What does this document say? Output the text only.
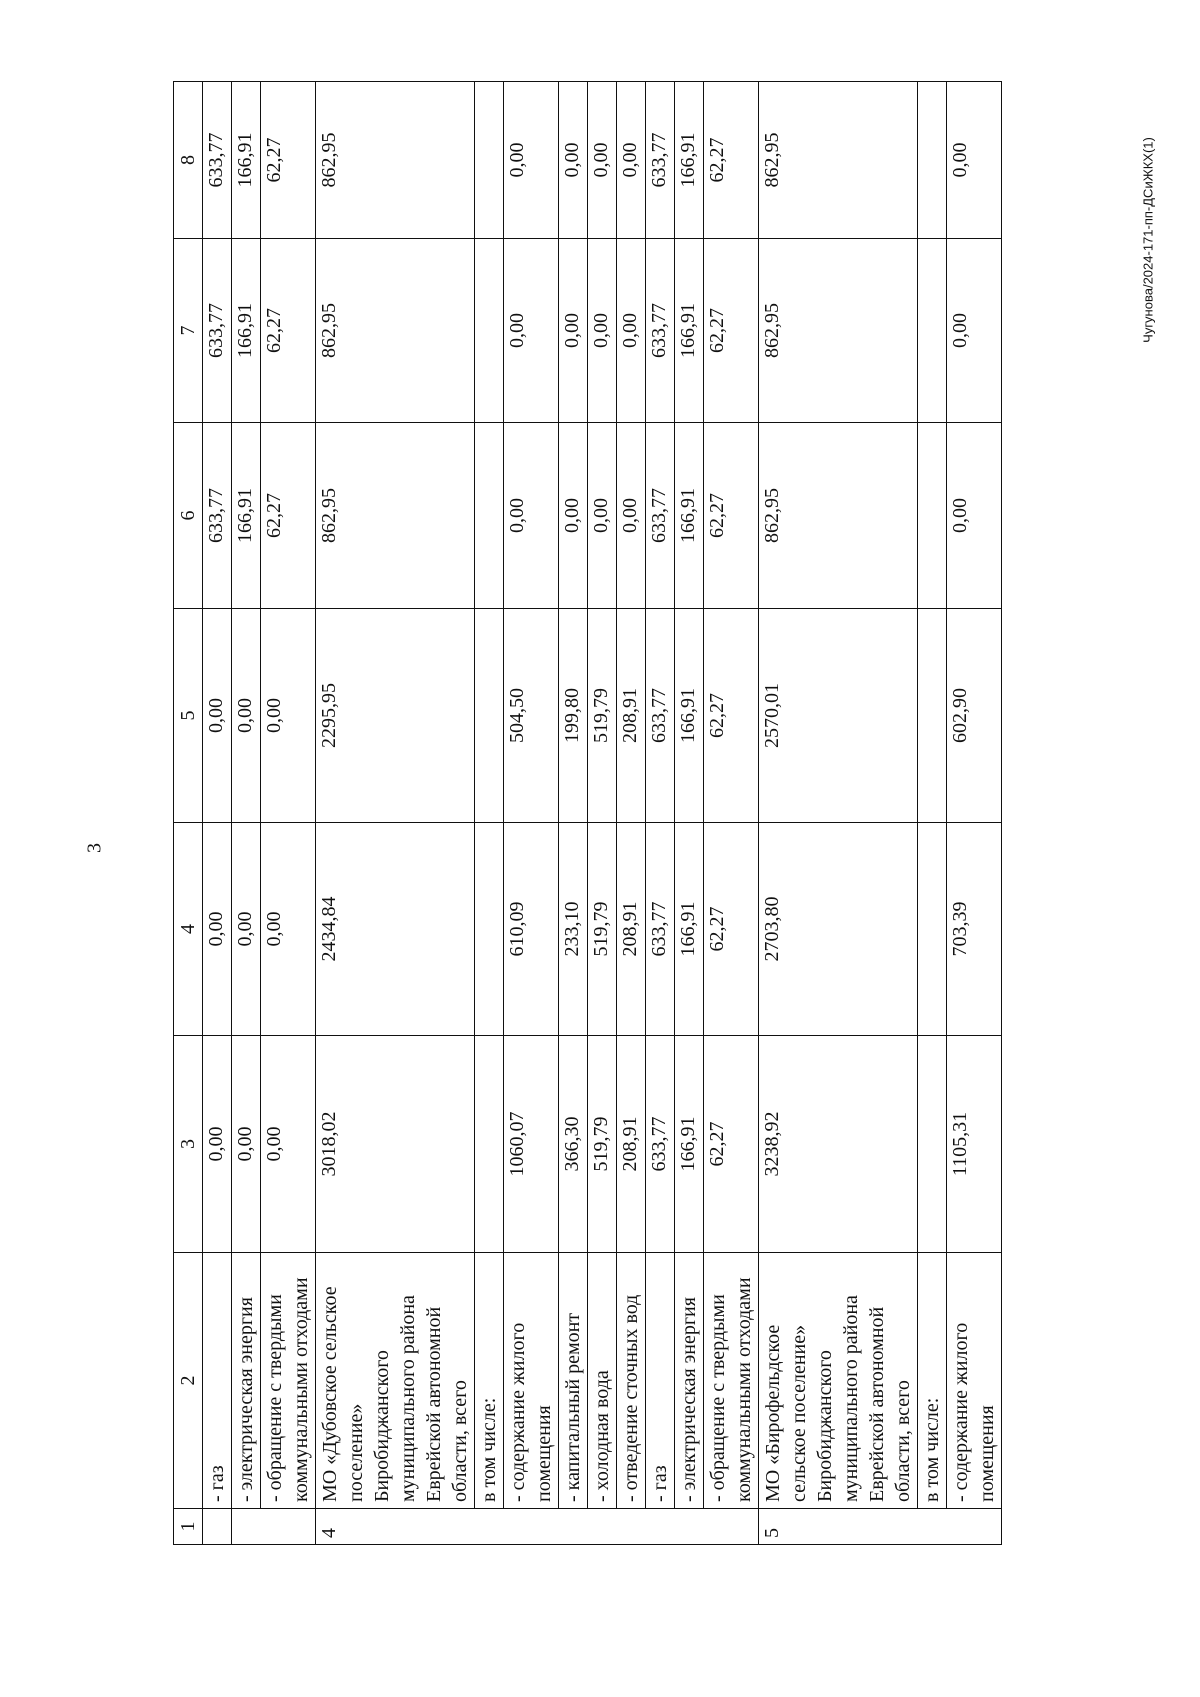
3
Чугунова/2024-171-пп-ДСиЖКХ(1)
1	2	3	4	5	6	7	8
	- газ	0,00	0,00	0,00	633,77	633,77	633,77
	- электрическая энергия	0,00	0,00	0,00	166,91	166,91	166,91
	- обращение с твердыми коммунальными отходами	0,00	0,00	0,00	62,27	62,27	62,27
4	МО «Дубовское сельское поселение» Биробиджанского муниципального района Еврейской автономной области, всего	3018,02	2434,84	2295,95	862,95	862,95	862,95
	в том числе:						
	- содержание жилого помещения	1060,07	610,09	504,50	0,00	0,00	0,00
	- капитальный ремонт	366,30	233,10	199,80	0,00	0,00	0,00
	- холодная вода	519,79	519,79	519,79	0,00	0,00	0,00
	- отведение сточных вод	208,91	208,91	208,91	0,00	0,00	0,00
	- газ	633,77	633,77	633,77	633,77	633,77	633,77
	- электрическая энергия	166,91	166,91	166,91	166,91	166,91	166,91
	- обращение с твердыми коммунальными отходами	62,27	62,27	62,27	62,27	62,27	62,27
5	МО «Бирофельдское сельское поселение» Биробиджанского муниципального района Еврейской автономной области, всего	3238,92	2703,80	2570,01	862,95	862,95	862,95
	в том числе:						
	- содержание жилого помещения	1105,31	703,39	602,90	0,00	0,00	0,00
